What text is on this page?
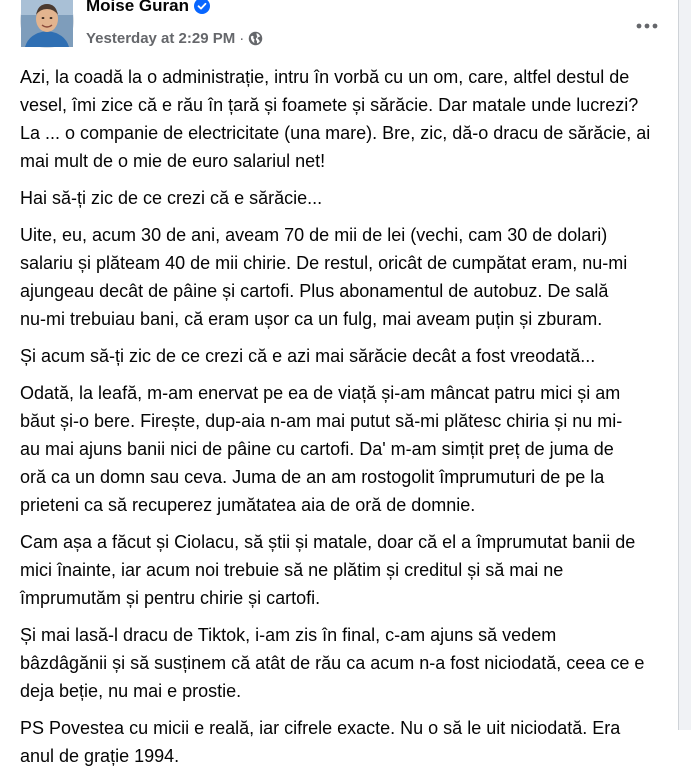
Moise Guran
Yesterday at 2:29 PM ·

Azi, la coadă la o administrație, intru în vorbă cu un om, care, altfel destul de
vesel, îmi zice că e rău în țară și foamete și sărăcie. Dar matale unde lucrezi?
La ... o companie de electricitate (una mare). Bre, zic, dă-o dracu de sărăcie, ai
mai mult de o mie de euro salariul net!

Hai să-ți zic de ce crezi că e sărăcie...

Uite, eu, acum 30 de ani, aveam 70 de mii de lei (vechi, cam 30 de dolari)
salariu și plăteam 40 de mii chirie. De restul, oricât de cumpătat eram, nu-mi
ajungeau decât de pâine și cartofi. Plus abonamentul de autobuz. De sală
nu-mi trebuiau bani, că eram ușor ca un fulg, mai aveam puțin și zburam.

Și acum să-ți zic de ce crezi că e azi mai sărăcie decât a fost vreodată...

Odată, la leafă, m-am enervat pe ea de viață și-am mâncat patru mici și am
băut și-o bere. Firește, dup-aia n-am mai putut să-mi plătesc chiria și nu mi-
au mai ajuns banii nici de pâine cu cartofi. Da' m-am simțit preț de juma de
oră ca un domn sau ceva. Juma de an am rostogolit împrumuturi de pe la
prieteni ca să recuperez jumătatea aia de oră de domnie.

Cam așa a făcut și Ciolacu, să știi și matale, doar că el a împrumutat banii de
mici înainte, iar acum noi trebuie să ne plătim și creditul și să mai ne
împrumutăm și pentru chirie și cartofi.

Și mai lasă-l dracu de Tiktok, i-am zis în final, c-am ajuns să vedem
bâzdâgănii și să susținem că atât de rău ca acum n-a fost niciodată, ceea ce e
deja beție, nu mai e prostie.

PS Povestea cu micii e reală, iar cifrele exacte. Nu o să le uit niciodată. Era
anul de grație 1994.
